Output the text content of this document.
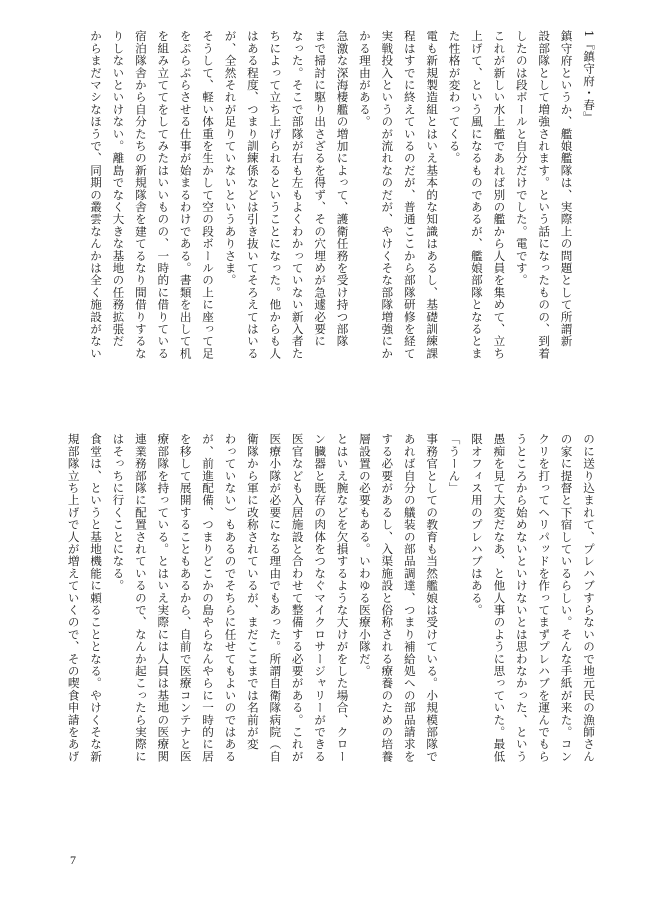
1『鎮守府・春』
鎮守府というか、艦娘艦隊は、実際上の問題として所謂新
設部隊として増強されます。という話になったものの、到着
したのは段ボールと自分だけでした。電です。
これが新しい水上艦であれば別の艦から人員を集めて、立ち
上げて、という風になるものであるが、艦娘部隊となるとま
た性格が変わってくる。
電も新規製造組とはいえ基本的な知識はあるし、基礎訓練課
程はすでに終えているのだが、普通ここから部隊研修を経て
実戦投入というのが流れなのだが、やけくそな部隊増強にか
かる理由がある。
急激な深海棲艦の増加によって、護衛任務を受け持つ部隊
まで掃討に駆り出さざるを得ず、その穴埋めが急遽必要に
なった。そこで部隊が右も左もよくわかっていない新入者た
ちによって立ち上げられるということになった。他からも人
はある程度、つまり訓練係などは引き抜いてそろえてはいる
が、全然それが足りていないというありさま。
そうして、軽い体重を生かして空の段ボールの上に座って足
をぷらぷらさせる仕事が始まるわけである。書類を出して机
を組み立ててをしてみたはいいものの、一時的に借りている
宿泊隊舎から自分たちの新規隊舎を建てるなり間借りするな
りしないといけない。離島でなく大きな基地の任務拡張だ
からまだマシなほうで、同期の叢雲なんかは全く施設がない
のに送り込まれて、プレハブすらないので地元民の漁師さん
の家に提督と下宿しているらしい。そんな手紙が来た。コン
クリを打ってヘリパッドを作ってまずプレハブを運んでもら
うところから始めないといけないとは思わなかった、という
愚痴を見て大変だなあ、と他人事のように思っていた。最低
限オフィス用のプレハブはある。
「うーん」
事務官としての教育も当然艦娘は受けている。小規模部隊で
あれば自分の艤装の部品調達、つまり補給処への部品請求を
する必要があるし、入渠施設と俗称される療養のための培養
層設置の必要もある。いわゆる医療小隊だ。
とはいえ腕などを欠損するような大けがをした場合、クロー
ン臓器と既存の肉体をつなぐマイクロサージャリーができる
医官なども入居施設と合わせて整備する必要がある。これが
医療小隊が必要になる理由でもあった。所謂自衛隊病院（自
衛隊から軍に改称されているが、まだここまでは名前が変
わっていない）もあるのでそちらに任せてもよいのではある
が、前進配備、つまりどこかの島やらなんやらに一時的に居
を移して展開することもあるから、自前で医療コンテナと医
療部隊を持っている。とはいえ実際には人員は基地の医療関
連業務部隊に配置されているので、なんか起こったら実際に
はそっちに行くことになる。
食堂は、というと基地機能に頼ることとなる。やけくそな新
規部隊立ち上げで人が増えていくので、その喫食申請をあげ
7
